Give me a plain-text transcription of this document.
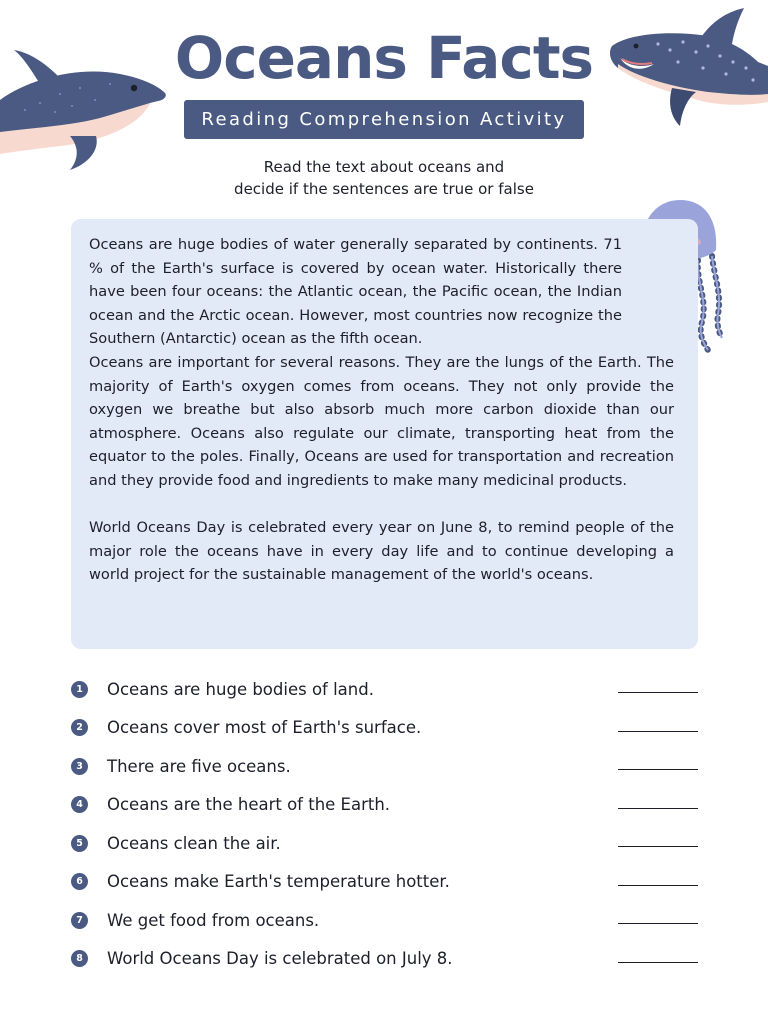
Oceans Facts
Reading Comprehension Activity
Read the text about oceans and
decide if the sentences are true or false

Oceans are huge bodies of water generally separated by continents. 71 % of the Earth's surface is covered by ocean water. Historically there have been four oceans: the Atlantic ocean, the Pacific ocean, the Indian ocean and the Arctic ocean. However, most countries now recognize the Southern (Antarctic) ocean as the fifth ocean.

Oceans are important for several reasons. They are the lungs of the Earth. The majority of Earth's oxygen comes from oceans. They not only provide the oxygen we breathe but also absorb much more carbon dioxide than our atmosphere. Oceans also regulate our climate, transporting heat from the equator to the poles. Finally, Oceans are used for transportation and recreation and they provide food and ingredients to make many medicinal products.

World Oceans Day is celebrated every year on June 8, to remind people of the major role the oceans have in every day life and to continue developing a world project for the sustainable management of the world's oceans.

1	Oceans are huge bodies of land.
2	Oceans cover most of Earth's surface.
3	There are five oceans.
4	Oceans are the heart of the Earth.
5	Oceans clean the air.
6	Oceans make Earth's temperature hotter.
7	We get food from oceans.
8	World Oceans Day is celebrated on July 8.
